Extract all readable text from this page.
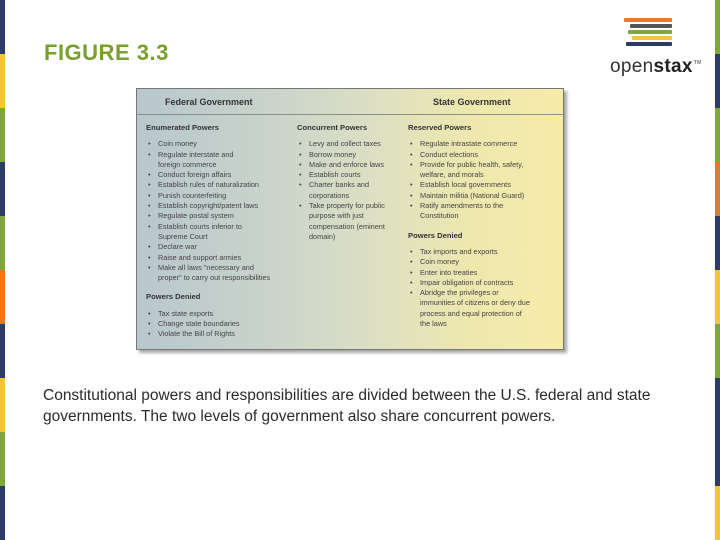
FIGURE 3.3
openstax™
Federal Government	State Government
Enumerated Powers
• Coin money
• Regulate interstate and
foreign commerce
• Conduct foreign affairs
• Establish rules of naturalization
• Punish counterfeiting
• Establish copyright/patent laws
• Regulate postal system
• Establish courts inferior to
Supreme Court
• Declare war
• Raise and support armies
• Make all laws "necessary and
proper" to carry out responsibilities
Powers Denied
• Tax state exports
• Change state boundaries
• Violate the Bill of Rights
Concurrent Powers
• Levy and collect taxes
• Borrow money
• Make and enforce laws
• Establish courts
• Charter banks and
corporations
• Take property for public
purpose with just
compensation (eminent
domain)
Reserved Powers
• Regulate intrastate commerce
• Conduct elections
• Provide for public health, safety,
welfare, and morals
• Establish local governments
• Maintain militia (National Guard)
• Ratify amendments to the
Constitution
Powers Denied
• Tax imports and exports
• Coin money
• Enter into treaties
• Impair obligation of contracts
• Abridge the privileges or
immunities of citizens or deny due
process and equal protection of
the laws

Constitutional powers and responsibilities are divided between the U.S. federal and state governments. The two levels of government also share concurrent powers.
